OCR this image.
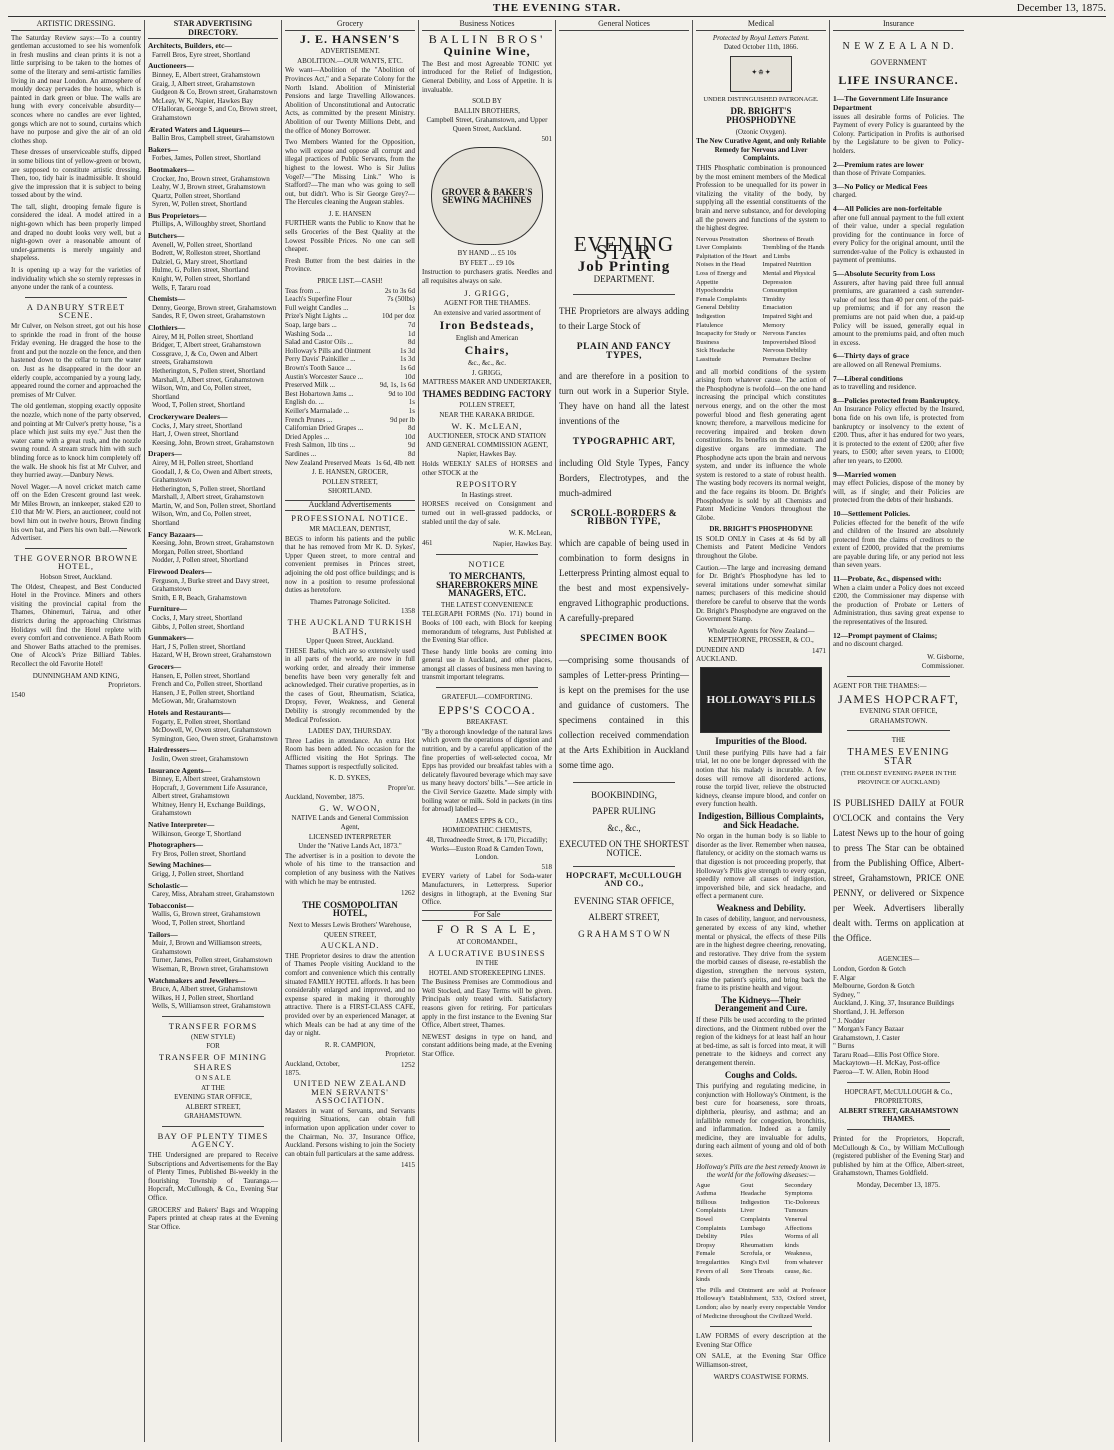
THE EVENING STAR.	December 13, 1875.
ARTISTIC DRESSING.

The Saturday Review says:—To a country gentleman accustomed to see his womenfolk in fresh muslins and clean prints it is not a little surprising to be taken to the homes of some of the literary and semi-artistic families living in and near London. An atmosphere of mouldy decay pervades the house, which is painted in dark green or blue. The walls are hung with every conceivable absurdity—sconces where no candles are ever lighted, gongs which are not to sound, curtains which have no purpose and give the air of an old clothes shop.

These dresses of unserviceable stuffs, dipped in some bilious tint of yellow-green or brown, are supposed to constitute artistic dressing. Then, too, tidy hair is inadmissible. It should give the impression that it is subject to being tossed about by the wind.

The tall, slight, drooping female figure is considered the ideal. A model attired in a night-gown which has been properly limped and draped no doubt looks very well, but a night-gown over a reasonable amount of under-garments is merely ungainly and shapeless.

It is opening up a way for the varieties of individuality which she so sternly represses in anyone under the rank of a countess.

A DANBURY STREET SCENE.

Mr Culver, on Nelson street, got out his hose to sprinkle the road in front of the house Friday evening. He dragged the hose to the front and put the nozzle on the fence, and then hastened down to the cellar to turn the water on. Just as he disappeared in the door an elderly couple, accompanied by a young lady, appeared round the corner and approached the premises of Mr Culver.

The old gentleman, stopping exactly opposite the nozzle, which none of the party observed, and pointing at Mr Culver's pretty house, "is a place which just suits my eye." Just then the water came with a great rush, and the nozzle swung round. A stream struck him with such blinding force as to knock him completely off the walk. He shook his fist at Mr Culver, and they hurried away.—Danbury News.

Novel Wager.—A novel cricket match came off on the Eden Crescent ground last week. Mr Miles Brown, an innkeeper, staked £20 to £10 that Mr W. Piers, an auctioneer, could not bowl him out in twelve hours, Brown finding his own bat, and Piers his own ball.—Nework Advertiser.

THE GOVERNOR BROWNE HOTEL,
Hobson Street, Auckland.

The Oldest, Cheapest, and Best Conducted Hotel in the Province. Miners and others visiting the provincial capital from the Thames, Ohinemuri, Tairua, and other districts during the approaching Christmas Holidays will find the Hotel replete with every comfort and convenience. A Bath Room and Shower Baths attached to the premises. One of Alcock's Prize Billiard Tables. Recollect the old Favorite Hotel!

DUNNINGHAM AND KING,
Proprietors.
1540
STAR ADVERTISING DIRECTORY.
Architects, Builders, etc—
Farrell Bros, Eyre street, Shortland
Auctioneers—
Binney, E, Albert street, Grahamstown
Graig, J, Albert street, Grahamstown
Gudgeon & Co, Brown street, Grahamstown
McLeay, W K, Napier, Hawkes Bay
O'Halloran, George S, and Co, Brown street, Grahamstown
Ærated Waters and Liqueurs—
Ballin Bros, Campbell street, Grahamstown
Bakers—
Forbes, James, Pollen street, Shortland
Bootmakers—
Crocker, Jno, Brown street, Grahamstown
Leahy, W J, Brown street, Grahamstown
Quartz, Pollen street, Shortland
Syren, W, Pollen street, Shortland
Bus Proprietors—
Phillips, A, Willoughby street, Shortland
Butchers—
Avenell, W, Pollen street, Shortland
Bodrett, W, Rolleston street, Shortland
Dalziel, G, Mary street, Shortland
Hulme, G, Pollen street, Shortland
Knight, W, Pollen street, Shortland
Wells, F, Tararu road
Chemists—
Denny, George, Brown street, Grahamstown
Sandes, R F, Owen street, Grahamstown
Clothiers—
Airey, M H, Pollen street, Shortland
Bridger, T, Albert street, Grahamstown
Cossgrave, J, & Co, Owen and Albert streets, Grahamstown
Hetherington, S, Pollen street, Shortland
Marshall, J, Albert street, Grahamstown
Wilson, Wm, and Co, Pollen street, Shortland
Wood, T, Pollen street, Shortland
Crockeryware Dealers—
Cocks, J, Mary street, Shortland
Hart, J, Owen street, Shortland
Keesing, John, Brown street, Grahamstown
Drapers—
Airey, M H, Pollen street, Shortland
Goodall, J, & Co, Owen and Albert streets, Grahamstown
Hetherington, S, Pollen street, Shortland
Marshall, J, Albert street, Grahamstown
Martin, W, and Son, Pollen street, Shortland
Wilson, Wm, and Co, Pollen street, Shortland
Fancy Bazaars—
Keesing, John, Brown street, Grahamstown
Morgan, Pollen street, Shortland
Nodder, J, Pollen street, Shortland
Firewood Dealers—
Ferguson, J, Burke street and Davy street, Grahamstown
Smith, E R, Beach, Grahamstown
Furniture—
Cocks, J, Mary street, Shortland
Gibbs, J, Pollen street, Shortland
Gunmakers—
Hart, J S, Pollen street, Shortland
Hazard, W H, Brown street, Grahamstown
Grocers—
Hansen, E, Pollen street, Shortland
French and Co, Pollen street, Shortland
Hansen, J E, Pollen street, Shortland
McGowan, Mr, Grahamstown
Hotels and Restaurants—
Fogarty, E, Pollen street, Shortland
McDowell, W, Owen street, Grahamstown
Symington, Geo, Owen street, Grahamstown
Hairdressers—
Joslin, Owen street, Grahamstown
Insurance Agents—
Binney, E, Albert street, Grahamstown
Hopcraft, J, Government Life Assurance, Albert street, Grahamstown
Whitney, Henry H, Exchange Buildings, Grahamstown
Native Interpreter—
Wilkinson, George T, Shortland
Photographers—
Fry Bros, Pollen street, Shortland
Sewing Machines—
Grigg, J, Pollen street, Shortland
Scholastic—
Carey, Miss, Abraham street, Grahamstown
Tobacconist—
Wallis, G, Brown street, Grahamstown
Wood, T, Pollen street, Shortland
Tailors—
Muir, J, Brown and Williamson streets, Grahamstown
Turner, James, Pollen street, Grahamstown
Wiseman, R, Brown street, Grahamstown
Watchmakers and Jewellers—
Bruce, A, Albert street, Grahamstown
Wilkes, H J, Pollen street, Shortland
Wells, S, Williamson street, Grahamstown
TRANSFER FORMS
(NEW STYLE)
FOR
TRANSFER OF MINING
SHARES
O N S A L E
AT THE
EVENING STAR OFFICE,
ALBERT STREET,
GRAHAMSTOWN.
BAY OF PLENTY TIMES AGENCY.

THE Undersigned are prepared to Receive Subscriptions and Advertisements for the Bay of Plenty Times, Published Bi-weekly in the flourishing Township of Tauranga.—Hopcraft, McCullough, & Co., Evening Star Office.

GROCERS' and Bakers' Bags and Wrapping Papers printed at cheap rates at the Evening Star Office.

Grocery
J. E. HANSEN'S
ADVERTISEMENT.
ABOLITION.—OUR WANTS, ETC.

We want—Abolition of the "Abolition of Provinces Act," and a Separate Colony for the North Island. Abolition of Ministerial Pensions and large Travelling Allowances. Abolition of Unconstitutional and Autocratic Acts, as committed by the present Ministry. Abolition of our Twenty Millions Debt, and the office of Money Borrower.

Two Members Wanted for the Opposition, who will expose and oppose all corrupt and illegal practices of Public Servants, from the highest to the lowest. Who is Sir Julius Vogel?—"The Missing Link." Who is Stafford?—The man who was going to sell out, but didn't. Who is Sir George Grey?—The Hercules cleaning the Augean stables.

J. E. HANSEN

FURTHER wants the Public to Know that he sells Groceries of the Best Quality at the Lowest Possible Prices. No one can sell cheaper.

Fresh Butter from the best dairies in the Province.

PRICE LIST.—CASH!
Teas from ...	2s to 3s 6d
Leach's Superfine Flour	7s (50lbs)
Full weight Candles ...	1s
Prize's Night Lights ...	10d per doz
Soap, large bars ...	7d
Washing Soda ...	1d
Salad and Castor Oils ...	8d
Holloway's Pills and Ointment	1s 3d
Perry Davis' Painkiller ...	1s 3d
Brown's Tooth Sauce ...	1s 6d
Austin's Worcester Sauce ...	10d
Preserved Milk ...	9d, 1s, 1s 6d
Best Hobartown Jams ...	9d to 10d
English do. ...	1s
Keiller's Marmalade ...	1s
French Prunes ...	9d per lb
Californian Dried Grapes ...	8d
Dried Apples ...	10d
Fresh Salmon, 1lb tins ...	9d
Sardines ...	8d
New Zealand Preserved Meats 1s 6d, 4lb nett
J. E. HANSEN, GROCER,
POLLEN STREET,
SHORTLAND.
Auckland Advertisements
PROFESSIONAL NOTICE.
MR MACLEAN, DENTIST,

BEGS to inform his patients and the public that he has removed from Mr K. D. Sykes', Upper Queen street, to more central and convenient premises in Princes street, adjoining the old post office buildings; and is now in a position to resume professional duties as heretofore.

Thames Patronage Solicited.
1358
THE AUCKLAND TURKISH BATHS,
Upper Queen Street, Auckland.

THESE Baths, which are so extensively used in all parts of the world, are now in full working order, and already their immense benefits have been very generally felt and acknowledged. Their curative properties, as in the cases of Gout, Rheumatism, Sciatica, Dropsy, Fever, Weakness, and General Debility is strongly recommended by the Medical Profession.

LADIES' DAY, THURSDAY.

Three Ladies in attendance. An extra Hot Room has been added. No occasion for the Afflicted visiting the Hot Springs. The Thames support is respectfully solicited.

K. D. SYKES,
Propre'or.
Auckland, November, 1875.
G. W. WOON,
NATIVE Lands and General Commission Agent,
LICENSED INTERPRETER
Under the "Native Lands Act, 1873."

The advertiser is in a position to devote the whole of his time to the transaction and completion of any business with the Natives with which he may be entrusted.

1262
THE COSMOPOLITAN HOTEL,
Next to Messrs Lewis Brothers' Warehouse,
QUEEN STREET,
AUCKLAND.

THE Proprietor desires to draw the attention of Thames People visiting Auckland to the comfort and convenience which this centrally situated FAMILY HOTEL affords. It has been considerably enlarged and improved, and no expense spared in making it thoroughly attractive. There is a FIRST-CLASS CAFE, provided over by an experienced Manager, at which Meals can be had at any time of the day or night.

R. R. CAMPION,
Proprietor.
Auckland, October, 1875.
1252
UNITED NEW ZEALAND MEN SERVANTS' ASSOCIATION.

Masters in want of Servants, and Servants requiring Situations, can obtain full information upon application under cover to the Chairman, No. 37, Insurance Office, Auckland. Persons wishing to join the Society can obtain full particulars at the same address.

1415
Business Notices
BALLIN BROS'
Quinine Wine,

The Best and most Agreeable TONIC yet introduced for the Relief of Indigestion, General Debility, and Loss of Appetite. It is invaluable.

SOLD BY
BALLIN BROTHERS,
Campbell Street, Grahamstown, and Upper Queen Street, Auckland.
501
GROVER & BAKER'S SEWING MACHINES
BY HAND ... £5 10s
BY FEET ... £9 10s

Instruction to purchasers gratis. Needles and all requisites always on sale.

J. GRIGG,
AGENT FOR THE THAMES.
An extensive and varied assortment of
Iron Bedsteads,
English and American
Chairs,
&c., &c., &c.
J. GRIGG,
MATTRESS MAKER AND UNDERTAKER,
THAMES BEDDING FACTORY
POLLEN STREET,
NEAR THE KARAKA BRIDGE.
W. K. McLEAN,
AUCTIONEER, STOCK AND STATION AND GENERAL COMMISSION AGENT,
Napier, Hawkes Bay.

Holds WEEKLY SALES of HORSES and other STOCK at the

REPOSITORY
In Hastings street.

HORSES received on Consignment and turned out in well-grassed paddocks, or stabled until the day of sale.

W. K. McLean,
461	Napier, Hawkes Bay.
NOTICE
TO MERCHANTS, SHAREBROKERS MINE MANAGERS, ETC.
THE LATEST CONVENIENCE

TELEGRAPH FORMS (No. 171) bound in Books of 100 each, with Block for keeping memorandum of telegrams, Just Published at the Evening Star office.

These handy little books are coming into general use in Auckland, and other places, amongst all classes of business men having to transmit important telegrams.

GRATEFUL—COMFORTING.
EPPS'S COCOA.
BREAKFAST.

"By a thorough knowledge of the natural laws which govern the operations of digestion and nutrition, and by a careful application of the fine properties of well-selected cocoa, Mr Epps has provided our breakfast tables with a delicately flavoured beverage which may save us many heavy doctors' bills."—See article in the Civil Service Gazette. Made simply with boiling water or milk. Sold in packets (in tins for abroad) labelled—

JAMES EPPS & CO.,
HOMŒOPATHIC CHEMISTS,
48, Threadneedle Street, & 170, Piccadilly; Works—Euston Road & Camden Town, London.
518

EVERY variety of Label for Soda-water Manufacturers, in Letterpress. Superior designs in lithograph, at the Evening Star Office.

For Sale
F O R S A L E,
AT COROMANDEL,
A LUCRATIVE BUSINESS
IN THE
HOTEL AND STOREKEEPING LINES.

The Business Premises are Commodious and Well Stocked, and Easy Terms will be given. Principals only treated with. Satisfactory reasons given for retiring. For particulars apply in the first instance to the Evening Star Office, Albert street, Thames.

NEWEST designs in type on hand, and constant additions being made, at the Evening Star Office.

General Notices
EVENING STAR
Job Printing
DEPARTMENT.

THE Proprietors are always adding to their Large Stock of

PLAIN AND FANCY TYPES,

and are therefore in a position to turn out work in a Superior Style. They have on hand all the latest inventions of the

TYPOGRAPHIC ART,

including Old Style Types, Fancy Borders, Electrotypes, and the much-admired

SCROLL-BORDERS & RIBBON TYPE,

which are capable of being used in combination to form designs in Letterpress Printing almost equal to the best and most expensively-engraved Lithographic productions. A carefully-prepared

SPECIMEN BOOK

—comprising some thousands of samples of Letter-press Printing—is kept on the premises for the use and guidance of customers. The specimens contained in this collection received commendation at the Arts Exhibition in Auckland some time ago.

BOOKBINDING,
PAPER RULING
&c., &c.,
EXECUTED ON THE SHORTEST NOTICE.
HOPCRAFT, McCULLOUGH AND CO.,
EVENING STAR OFFICE,
ALBERT STREET,
G R A H A M S T O W N
Medical
Protected by Royal Letters Patent.
Dated October 11th, 1866.
✦ ♔ ✦
UNDER DISTINGUISHED PATRONAGE.
DR. BRIGHT'S PHOSPHODYNE
(Ozonic Oxygen).
The New Curative Agent, and only Reliable Remedy for Nervous and Liver Complaints.

THIS Phosphatic combination is pronounced by the most eminent members of the Medical Profession to be unequalled for its power in vitalizing the vitality of the body, by supplying all the essential constituents of the brain and nerve substance, and for developing all the powers and functions of the system to the highest degree.

Nervous Prostration
Liver Complaints
Palpitation of the Heart
Noises in the Head
Loss of Energy and Appetite
Hypochondria
Female Complaints
General Debility
Indigestion
Flatulence
Incapacity for Study or Business
Sick Headache
Lassitude
Shortness of Breath
Trembling of the Hands and Limbs
Impaired Nutrition
Mental and Physical Depression
Consumption
Timidity
Emaciation
Impaired Sight and Memory
Nervous Fancies
Impoverished Blood
Nervous Debility
Premature Decline

and all morbid conditions of the system arising from whatever cause. The action of the Phosphodyne is twofold—on the one hand increasing the principal which constitutes nervous energy, and on the other the most powerful blood and flesh generating agent known; therefore, a marvellous medicine for recovering impaired and broken down constitutions. Its benefits on the stomach and digestive organs are immediate. The Phosphodyne acts upon the brain and nervous system, and under its influence the whole system is restored to a state of robust health. The wasting body recovers its normal weight, and the face regains its bloom. Dr. Bright's Phosphodyne is sold by all Chemists and Patent Medicine Vendors throughout the Globe.

DR. BRIGHT'S PHOSPHODYNE

IS SOLD ONLY in Cases at 4s 6d by all Chemists and Patent Medicine Vendors throughout the Globe.

Caution.—The large and increasing demand for Dr. Bright's Phosphodyne has led to several imitations under somewhat similar names; purchasers of this medicine should therefore be careful to observe that the words Dr. Bright's Phosphodyne are engraved on the Government Stamp.

Wholesale Agents for New Zealand—
KEMPTHORNE, PROSSER, & CO.,
DUNEDIN AND AUCKLAND.
1471
HOLLOWAY'S PILLS
Impurities of the Blood.

Until these purifying Pills have had a fair trial, let no one be longer depressed with the notion that his malady is incurable. A few doses will remove all disordered actions, rouse the torpid liver, relieve the obstructed kidneys, cleanse impure blood, and confer on every function health.

Indigestion, Billious Complaints, and Sick Headache.

No organ in the human body is so liable to disorder as the liver. Remember when nausea, flatulency, or acidity on the stomach warns us that digestion is not proceeding properly, that Holloway's Pills give strength to every organ, speedily remove all causes of indigestion, impoverished bile, and sick headache, and effect a permanent cure.

Weakness and Debility.

In cases of debility, languor, and nervousness, generated by excess of any kind, whether mental or physical, the effects of these Pills are in the highest degree cheering, renovating, and restorative. They drive from the system the morbid causes of disease, re-establish the digestion, strengthen the nervous system, raise the patient's spirits, and bring back the frame to its pristine health and vigour.

The Kidneys—Their Derangement and Cure.

If these Pills be used according to the printed directions, and the Ointment rubbed over the region of the kidneys for at least half an hour at bed-time, as salt is forced into meat, it will penetrate to the kidneys and correct any derangement therein.

Coughs and Colds.

This purifying and regulating medicine, in conjunction with Holloway's Ointment, is the best cure for hoarseness, sore throats, diphtheria, pleurisy, and asthma; and an infallible remedy for congestion, bronchitis, and inflammation. Indeed as a family medicine, they are invaluable for adults, during each ailment of young and old of both sexes.

Holloway's Pills are the best remedy known in the world for the following diseases:—
Ague
Asthma
Billious Complaints
Bowel Complaints
Debility
Dropsy
Female Irregularities
Fevers of all kinds
Gout
Headache
Indigestion
Liver Complaints
Lumbago
Piles
Rheumatism
Scrofula, or King's Evil
Sore Throats
Secondary Symptoms
Tic-Doloreux
Tumours
Venereal Affections
Worms of all kinds
Weakness, from whatever cause, &c.

The Pills and Ointment are sold at Professor Holloway's Establishment, 533, Oxford street, London; also by nearly every respectable Vendor of Medicine throughout the Civilized World.

LAW FORMS of every description at the Evening Star Office

ON SALE, at the Evening Star Office Williamson-street,

WARD'S COASTWISE FORMS.
Insurance
N E W Z E A L A N D.
GOVERNMENT
LIFE INSURANCE.
1—The Government Life Insurance Department
issues all desirable forms of Policies. The Payment of every Policy is guaranteed by the Colony. Participation in Profits is authorised by the Legislature to be given to Policy-holders.
2—Premium rates are lower
than those of Private Companies.
3—No Policy or Medical Fees
charged.
4—All Policies are non-forfeitable
after one full annual payment to the full extent of their value, under a special regulation providing for the continuance in force of every Policy for the original amount, until the surrender-value of the Policy is exhausted in payment of premiums.
5—Absolute Security from Loss
Assurers, after having paid three full annual premiums, are guaranteed a cash surrender-value of not less than 40 per cent. of the paid-up premiums; and if for any reason the premiums are not paid when due, a paid-up Policy will be issued, generally equal in amount to the premiums paid, and often much in excess.
6—Thirty days of grace
are allowed on all Renewal Premiums.
7—Liberal conditions
as to travelling and residence.
8—Policies protected from Bankruptcy.
An Insurance Policy effected by the Insured, bona fide on his own life, is protected from bankruptcy or insolvency to the extent of £200. Thus, after it has endured for two years, it is protected to the extent of £200; after five years, to £500; after seven years, to £1000; after ten years, to £2000.
9—Married women
may effect Policies, dispose of the money by will, as if single; and their Policies are protected from the debts of their husbands.
10—Settlement Policies.
Policies effected for the benefit of the wife and children of the Insured are absolutely protected from the claims of creditors to the extent of £2000, provided that the premiums are payable during life, or any period not less than seven years.
11—Probate, &c., dispensed with:
When a claim under a Policy does not exceed £200, the Commissioner may dispense with the production of Probate or Letters of Administration, thus saving great expense to the representatives of the Insured.
12—Prompt payment of Claims;
and no discount charged.
W. Gisborne,
Commissioner.
AGENT FOR THE THAMES:—
JAMES HOPCRAFT,
EVENING STAR OFFICE,
GRAHAMSTOWN.
THE
THAMES EVENING STAR
(THE OLDEST EVENING PAPER IN THE PROVINCE OF AUCKLAND)

IS PUBLISHED DAILY at FOUR O'CLOCK and contains the Very Latest News up to the hour of going to press The Star can be obtained from the Publishing Office, Albert-street, Grahamstown, PRICE ONE PENNY, or delivered or Sixpence per Week. Advertisers liberally dealt with. Terms on application at the Office.

AGENCIES—
London, Gordon & Gotch
F. Algar
Melbourne, Gordon & Gotch
Sydney, "
Auckland, J. King, 37, Insurance Buildings
Shortland, J. H. Jefferson
" J. Nodder
" Morgan's Fancy Bazaar
Grahamstown, J. Caster
" Burns
Tararu Road—Ellis Post Office Store.
Mackaytown—H. McKay, Post-office
Paeroa—T. W. Allen, Robin Hood
HOPCRAFT, McCULLOUGH & Co.,
PROPRIETORS,
ALBERT STREET, GRAHAMSTOWN THAMES.

Printed for the Proprietors, Hopcraft, McCullough & Co., by William McCullough (registered publisher of the Evening Star) and published by him at the Office, Albert-street, Grahamstown, Thames Goldfield.

Monday, December 13, 1875.
